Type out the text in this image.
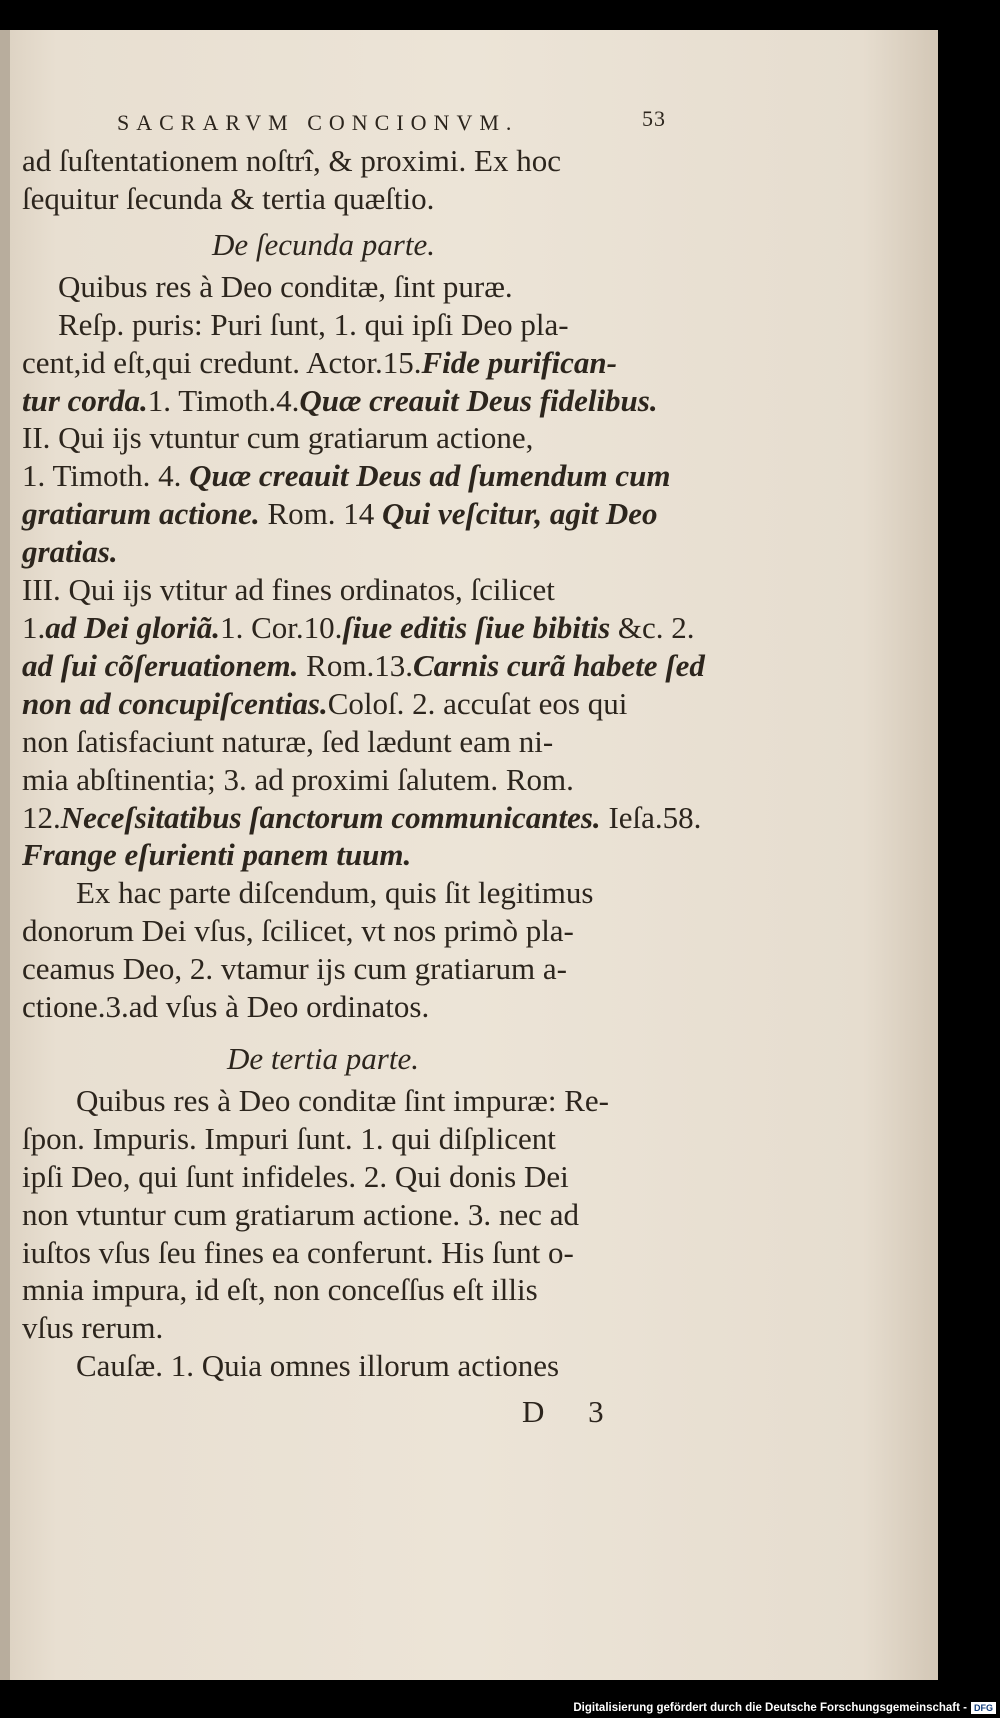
SACRARVM CONCIONVM.	53
ad ſuſtentationem noſtrî, & proximi. Ex hoc
ſequitur ſecunda & tertia quæſtio.
De ſecunda parte.
Quibus res à Deo conditæ, ſint puræ.
Reſp. puris: Puri ſunt, 1. qui ipſi Deo pla-
cent,id eſt,qui credunt. Actor.15.Fide purifican-
tur corda.1. Timoth.4.Quæ creauit Deus fidelibus.
II. Qui ijs vtuntur cum gratiarum actione,
1. Timoth. 4. Quæ creauit Deus ad ſumendum cum
gratiarum actione. Rom. 14 Qui veſcitur, agit Deo
gratias.
III. Qui ijs vtitur ad fines ordinatos, ſcilicet
1.ad Dei gloriã.1. Cor.10.ſiue editis ſiue bibitis &c. 2.
ad ſui cõſeruationem. Rom.13.Carnis curã habete ſed
non ad concupiſcentias.Coloſ. 2. accuſat eos qui
non ſatisfaciunt naturæ, ſed lædunt eam ni-
mia abſtinentia; 3. ad proximi ſalutem. Rom.
12.Neceſsitatibus ſanctorum communicantes. Ieſa.58.
Frange eſurienti panem tuum.
Ex hac parte diſcendum, quis ſit legitimus
donorum Dei vſus, ſcilicet, vt nos primò pla-
ceamus Deo, 2. vtamur ijs cum gratiarum a-
ctione.3.ad vſus à Deo ordinatos.
De tertia parte.
Quibus res à Deo conditæ ſint impuræ: Re-
ſpon. Impuris. Impuri ſunt. 1. qui diſplicent
ipſi Deo, qui ſunt infideles. 2. Qui donis Dei
non vtuntur cum gratiarum actione. 3. nec ad
iuſtos vſus ſeu fines ea conferunt. His ſunt o-
mnia impura, id eſt, non conceſſus eſt illis
vſus rerum.
Cauſæ. 1. Quia omnes illorum actiones
D 3
Digitalisierung gefördert durch die Deutsche Forschungsgemeinschaft - DFG
